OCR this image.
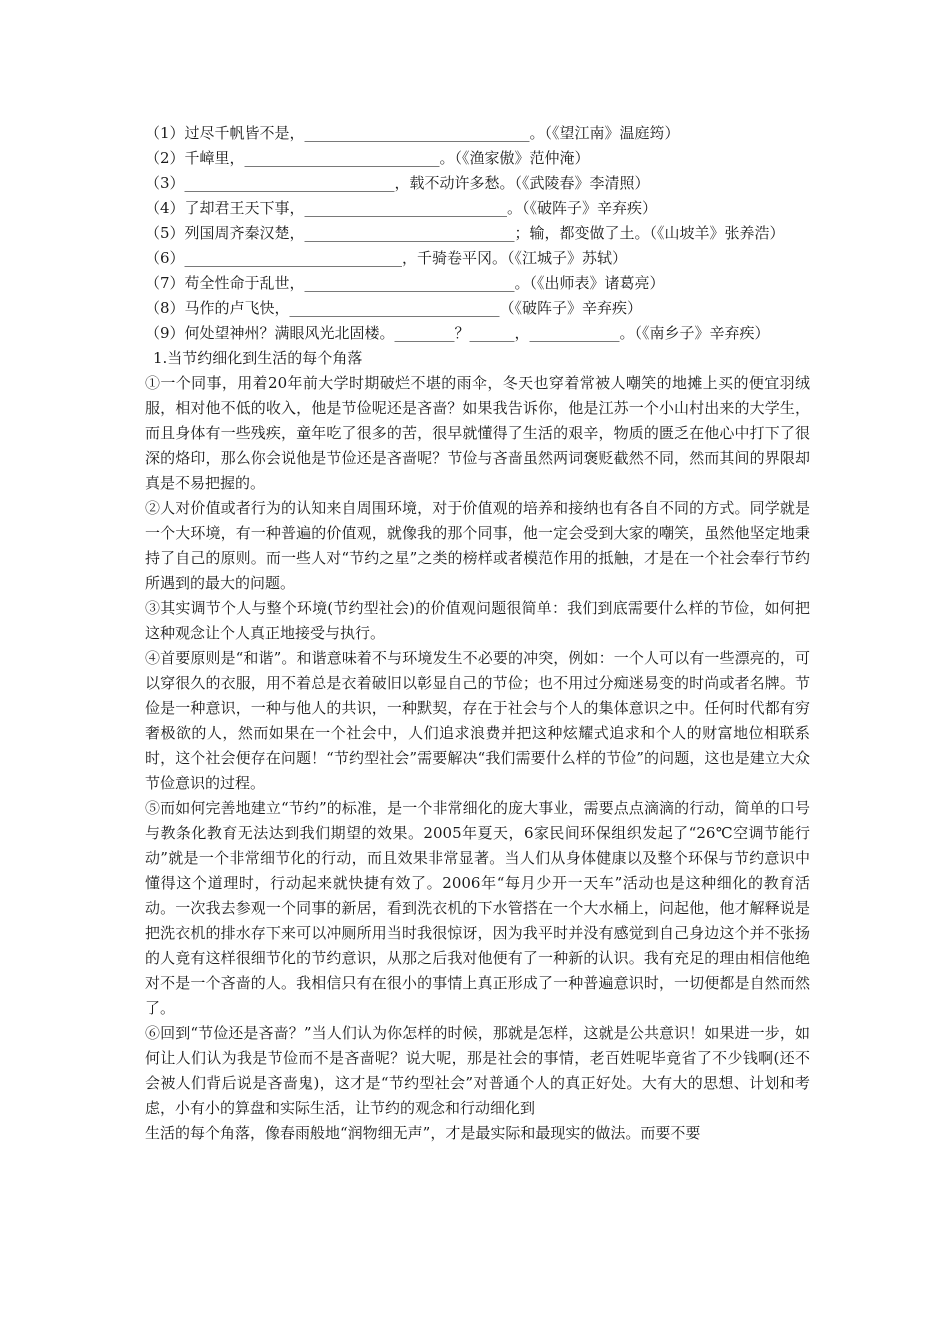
（1）过尽千帆皆不是，______________________________。（《望江南》温庭筠）
（2）千嶂里，__________________________。（《渔家傲》范仲淹）
（3）____________________________，载不动许多愁。（《武陵春》李清照）
（4）了却君王天下事，___________________________。（《破阵子》辛弃疾）
（5）列国周齐秦汉楚，____________________________；输，都变做了土。（《山坡羊》张养浩）
（6）_____________________________，千骑卷平冈。（《江城子》苏轼）
（7）苟全性命于乱世，____________________________。（《出师表》诸葛亮）
（8）马作的卢飞快，____________________________（《破阵子》辛弃疾）
（9）何处望神州？满眼风光北固楼。________？______，____________。（《南乡子》辛弃疾）
1.当节约细化到生活的每个角落
①一个同事，用着20年前大学时期破烂不堪的雨伞，冬天也穿着常被人嘲笑的地摊上买的便宜羽绒服，相对他不低的收入，他是节俭呢还是吝啬？如果我告诉你，他是江苏一个小山村出来的大学生，而且身体有一些残疾，童年吃了很多的苦，很早就懂得了生活的艰辛，物质的匮乏在他心中打下了很深的烙印，那么你会说他是节俭还是吝啬呢？节俭与吝啬虽然两词褒贬截然不同，然而其间的界限却真是不易把握的。
②人对价值或者行为的认知来自周围环境，对于价值观的培养和接纳也有各自不同的方式。同学就是一个大环境，有一种普遍的价值观，就像我的那个同事，他一定会受到大家的嘲笑，虽然他坚定地秉持了自己的原则。而一些人对“节约之星”之类的榜样或者模范作用的抵触，才是在一个社会奉行节约所遇到的最大的问题。
③其实调节个人与整个环境(节约型社会)的价值观问题很简单：我们到底需要什么样的节俭，如何把这种观念让个人真正地接受与执行。
④首要原则是“和谐”。和谐意味着不与环境发生不必要的冲突，例如：一个人可以有一些漂亮的，可以穿很久的衣服，用不着总是衣着破旧以彰显自己的节俭；也不用过分痴迷易变的时尚或者名牌。节俭是一种意识，一种与他人的共识，一种默契，存在于社会与个人的集体意识之中。任何时代都有穷奢极欲的人，然而如果在一个社会中，人们追求浪费并把这种炫耀式追求和个人的财富地位相联系时，这个社会便存在问题！“节约型社会”需要解决“我们需要什么样的节俭”的问题，这也是建立大众节俭意识的过程。
⑤而如何完善地建立“节约”的标准，是一个非常细化的庞大事业，需要点点滴滴的行动，简单的口号与教条化教育无法达到我们期望的效果。2005年夏天，6家民间环保组织发起了“26℃空调节能行动”就是一个非常细节化的行动，而且效果非常显著。当人们从身体健康以及整个环保与节约意识中懂得这个道理时，行动起来就快捷有效了。2006年“每月少开一天车”活动也是这种细化的教育活动。一次我去参观一个同事的新居，看到洗衣机的下水管搭在一个大水桶上，问起他，他才解释说是把洗衣机的排水存下来可以冲厕所用当时我很惊讶，因为我平时并没有感觉到自己身边这个并不张扬的人竟有这样很细节化的节约意识，从那之后我对他便有了一种新的认识。我有充足的理由相信他绝对不是一个吝啬的人。我相信只有在很小的事情上真正形成了一种普遍意识时，一切便都是自然而然了。
⑥回到“节俭还是吝啬？”当人们认为你怎样的时候，那就是怎样，这就是公共意识！如果进一步，如何让人们认为我是节俭而不是吝啬呢？说大呢，那是社会的事情，老百姓呢毕竟省了不少钱啊(还不会被人们背后说是吝啬鬼)，这才是“节约型社会”对普通个人的真正好处。大有大的思想、计划和考虑，小有小的算盘和实际生活，让节约的观念和行动细化到
生活的每个角落，像春雨般地“润物细无声”，才是最实际和最现实的做法。而要不要
